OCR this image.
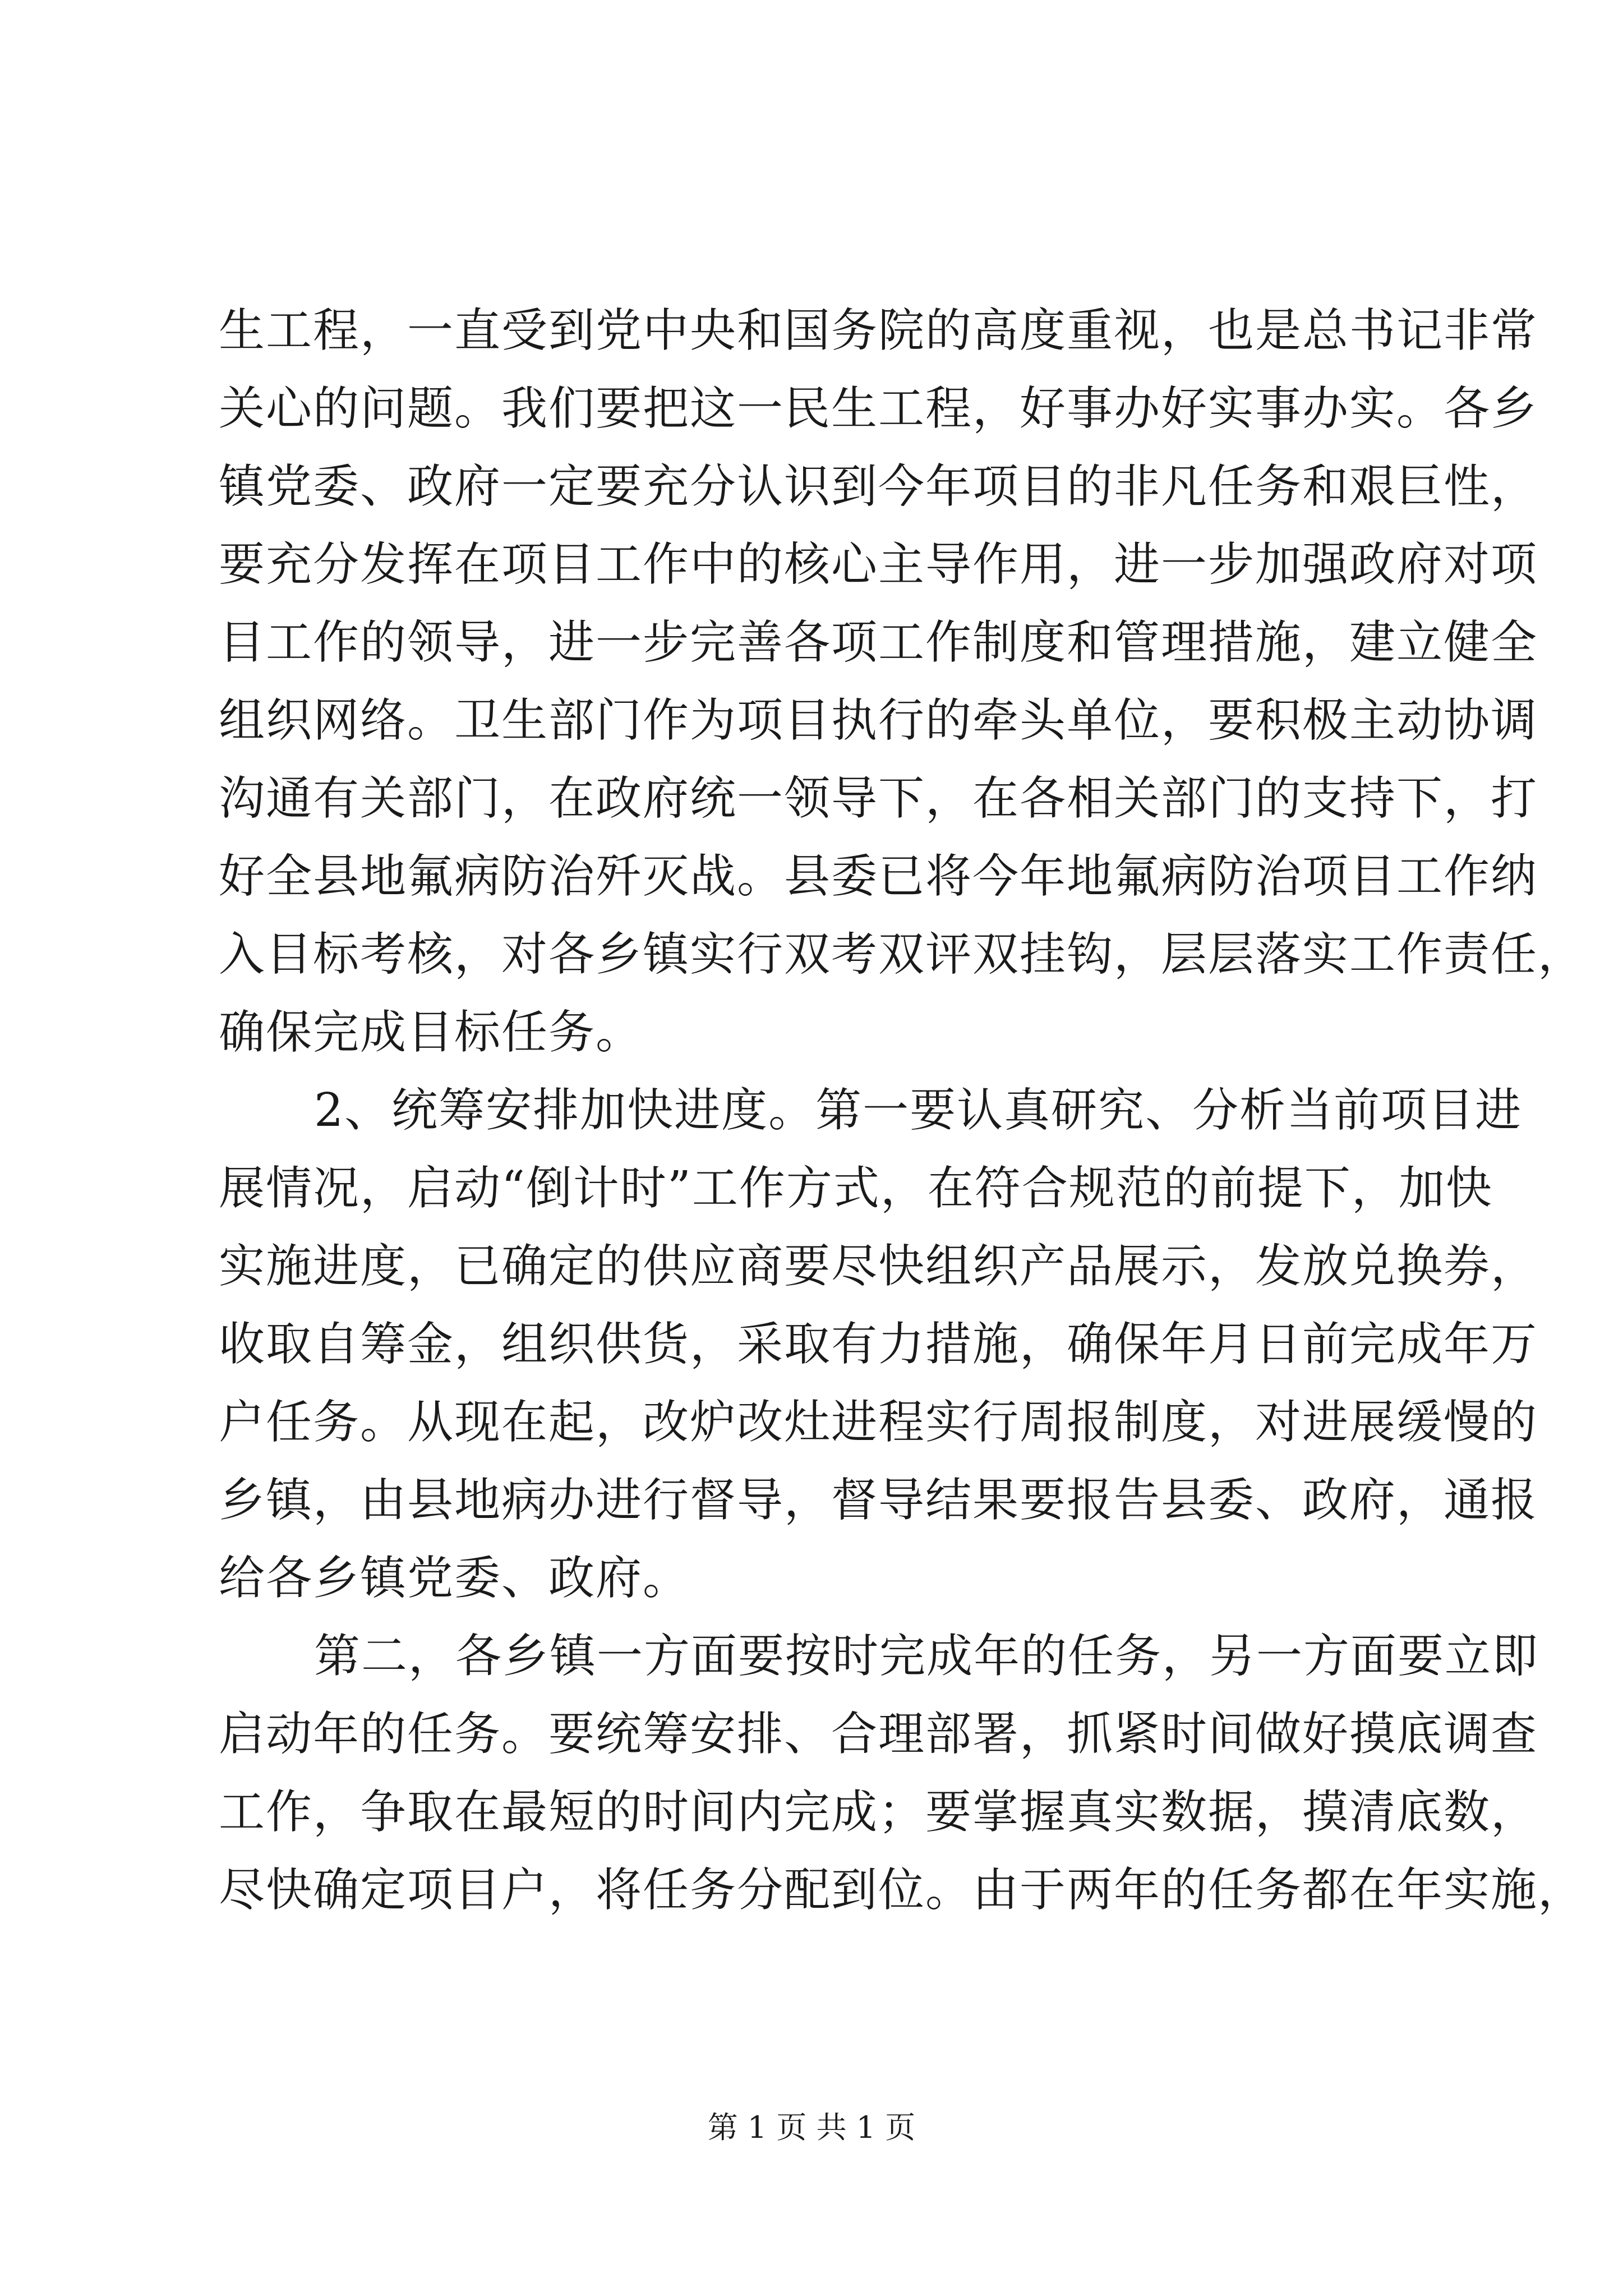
生工程，一直受到党中央和国务院的高度重视，也是总书记非常
关心的问题。我们要把这一民生工程，好事办好实事办实。各乡
镇党委、政府一定要充分认识到今年项目的非凡任务和艰巨性，
要充分发挥在项目工作中的核心主导作用，进一步加强政府对项
目工作的领导，进一步完善各项工作制度和管理措施，建立健全
组织网络。卫生部门作为项目执行的牵头单位，要积极主动协调
沟通有关部门，在政府统一领导下，在各相关部门的支持下，打
好全县地氟病防治歼灭战。县委已将今年地氟病防治项目工作纳
入目标考核，对各乡镇实行双考双评双挂钩，层层落实工作责任，
确保完成目标任务。
2、统筹安排加快进度。第一要认真研究、分析当前项目进
展情况，启动“倒计时”工作方式，在符合规范的前提下，加快
实施进度，已确定的供应商要尽快组织产品展示，发放兑换券，
收取自筹金，组织供货，采取有力措施，确保年月日前完成年万
户任务。从现在起，改炉改灶进程实行周报制度，对进展缓慢的
乡镇，由县地病办进行督导，督导结果要报告县委、政府，通报
给各乡镇党委、政府。
第二，各乡镇一方面要按时完成年的任务，另一方面要立即
启动年的任务。要统筹安排、合理部署，抓紧时间做好摸底调查
工作，争取在最短的时间内完成；要掌握真实数据，摸清底数，
尽快确定项目户，将任务分配到位。由于两年的任务都在年实施，
第 1 页 共 1 页
